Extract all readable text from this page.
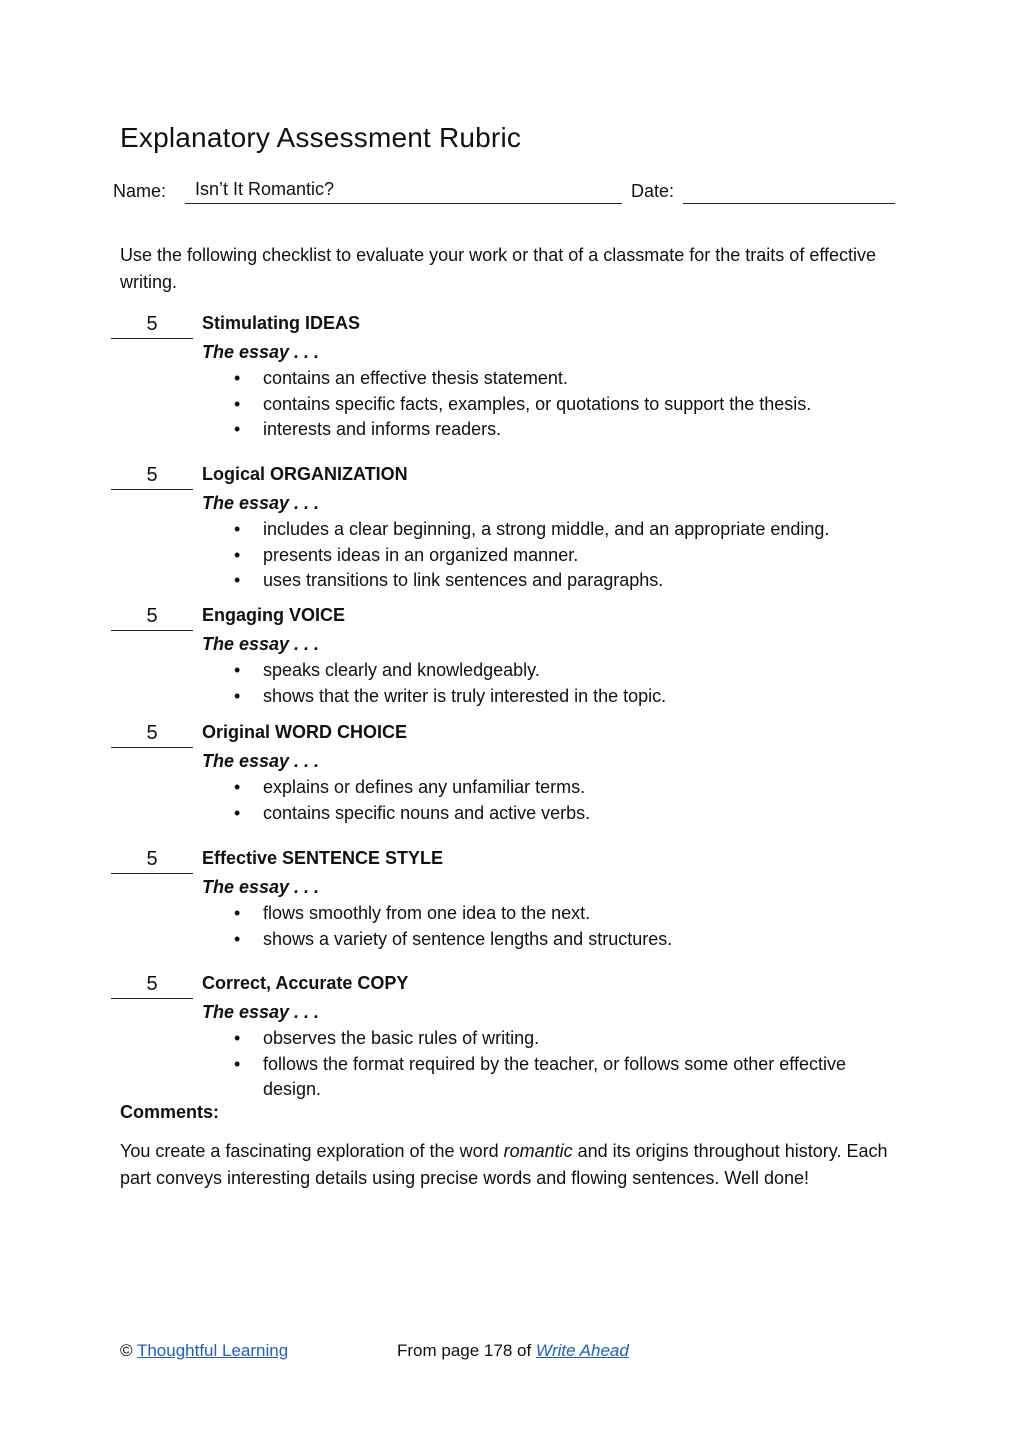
Explanatory Assessment Rubric
Name: Isn’t It Romantic?	Date:
Use the following checklist to evaluate your work or that of a classmate for the traits of effective writing.
5	Stimulating IDEAS
The essay . . .
• contains an effective thesis statement.
• contains specific facts, examples, or quotations to support the thesis.
• interests and informs readers.
5	Logical ORGANIZATION
The essay . . .
• includes a clear beginning, a strong middle, and an appropriate ending.
• presents ideas in an organized manner.
• uses transitions to link sentences and paragraphs.
5	Engaging VOICE
The essay . . .
• speaks clearly and knowledgeably.
• shows that the writer is truly interested in the topic.
5	Original WORD CHOICE
The essay . . .
• explains or defines any unfamiliar terms.
• contains specific nouns and active verbs.
5	Effective SENTENCE STYLE
The essay . . .
• flows smoothly from one idea to the next.
• shows a variety of sentence lengths and structures.
5	Correct, Accurate COPY
The essay . . .
• observes the basic rules of writing.
• follows the format required by the teacher, or follows some other effective design.
Comments:
You create a fascinating exploration of the word romantic and its origins throughout history. Each part conveys interesting details using precise words and flowing sentences. Well done!
© Thoughtful Learning	From page 178 of Write Ahead
